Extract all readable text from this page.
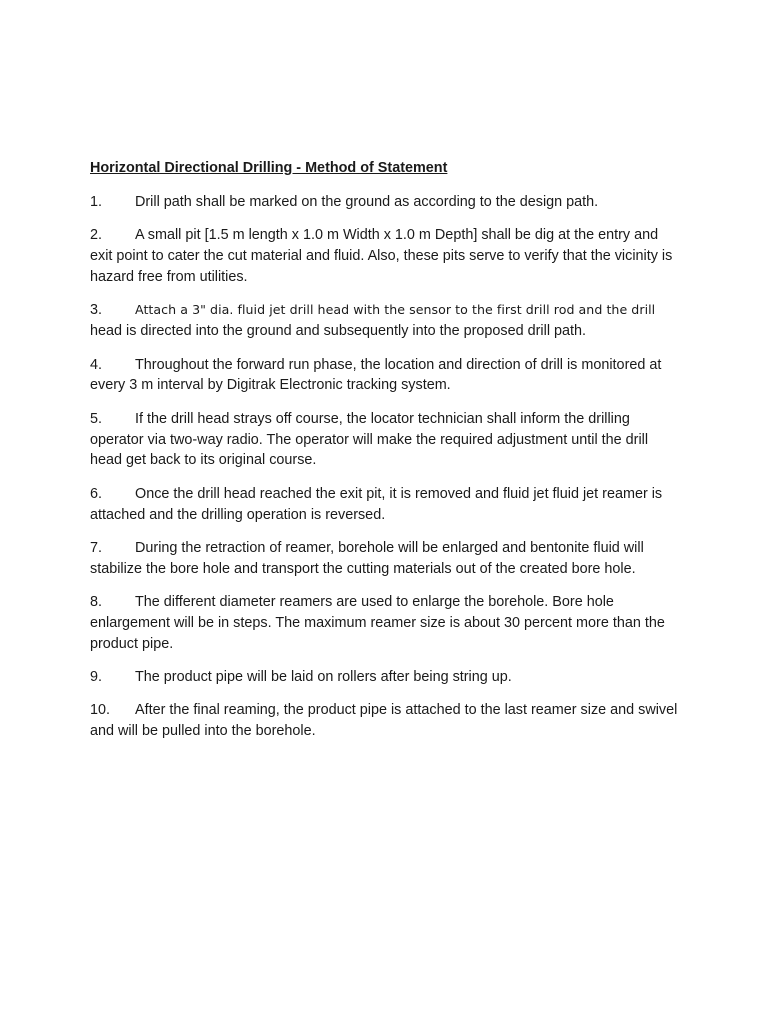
Horizontal Directional Drilling - Method of Statement
1. Drill path shall be marked on the ground as according to the design path.
2. A small pit [1.5 m length x 1.0 m Width x 1.0 m Depth] shall be dig at the entry and exit point to cater the cut material and fluid. Also, these pits serve to verify that the vicinity is hazard free from utilities.
3.	Attach a 3" dia. fluid jet drill head with the sensor to the first drill rod and the drill head is directed into the ground and subsequently into the proposed drill path.
4. Throughout the forward run phase, the location and direction of drill is monitored at every 3 m interval by Digitrak Electronic tracking system.
5. If the drill head strays off course, the locator technician shall inform the drilling operator via two-way radio. The operator will make the required adjustment until the drill head get back to its original course.
6. Once the drill head reached the exit pit, it is removed and fluid jet fluid jet reamer is attached and the drilling operation is reversed.
7. During the retraction of reamer, borehole will be enlarged and bentonite fluid will stabilize the bore hole and transport the cutting materials out of the created bore hole.
8. The different diameter reamers are used to enlarge the borehole. Bore hole enlargement will be in steps. The maximum reamer size is about 30 percent more than the product pipe.
9. The product pipe will be laid on rollers after being string up.
10. After the final reaming, the product pipe is attached to the last reamer size and swivel and will be pulled into the borehole.
